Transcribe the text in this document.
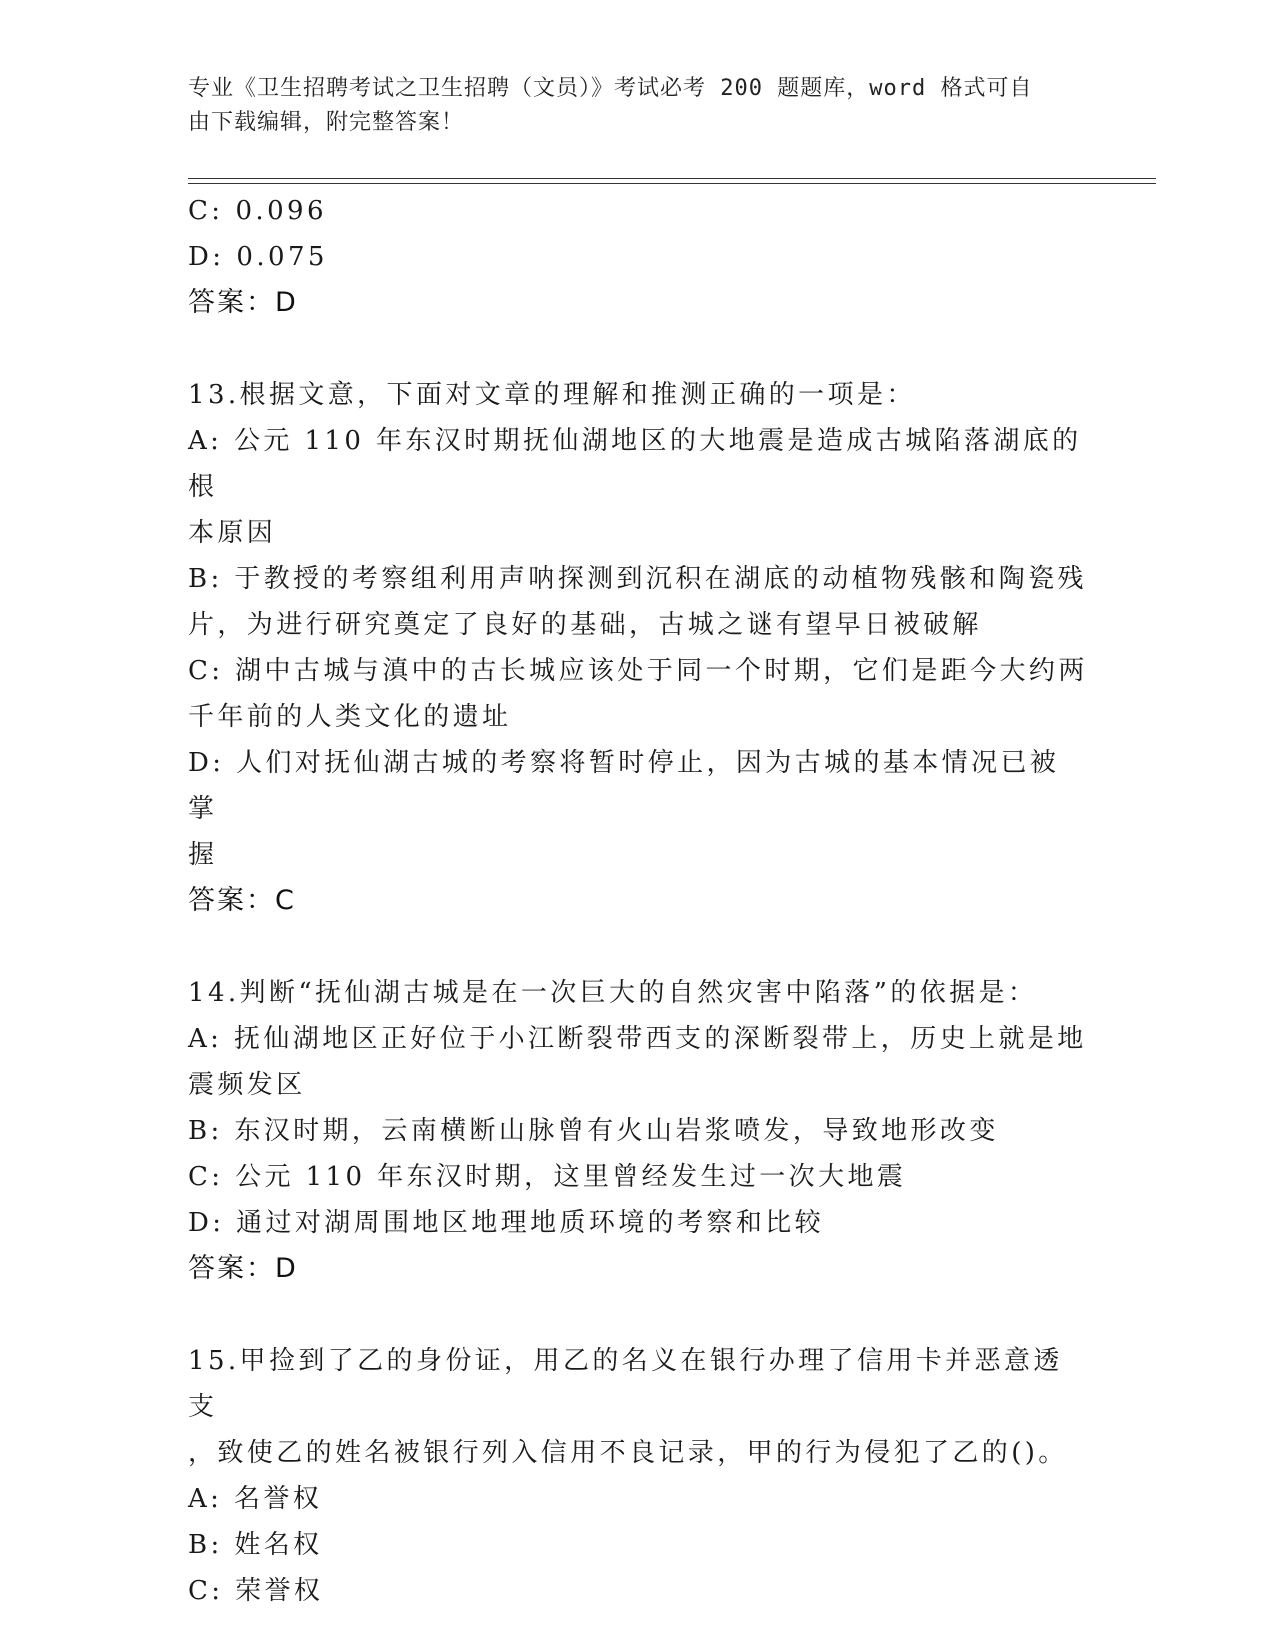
专业《卫生招聘考试之卫生招聘（文员）》考试必考 200 题题库，word 格式可自
由下载编辑，附完整答案！

C: 0.096

D: 0.075

答案：D

13.根据文意，下面对文章的理解和推测正确的一项是：

A: 公元 110 年东汉时期抚仙湖地区的大地震是造成古城陷落湖底的根

本原因

B: 于教授的考察组利用声呐探测到沉积在湖底的动植物残骸和陶瓷残

片，为进行研究奠定了良好的基础，古城之谜有望早日被破解

C: 湖中古城与滇中的古长城应该处于同一个时期，它们是距今大约两

千年前的人类文化的遗址

D: 人们对抚仙湖古城的考察将暂时停止，因为古城的基本情况已被掌

握

答案：C

14.判断“抚仙湖古城是在一次巨大的自然灾害中陷落”的依据是：

A: 抚仙湖地区正好位于小江断裂带西支的深断裂带上，历史上就是地

震频发区

B: 东汉时期，云南横断山脉曾有火山岩浆喷发，导致地形改变

C: 公元 110 年东汉时期，这里曾经发生过一次大地震

D: 通过对湖周围地区地理地质环境的考察和比较

答案：D

15.甲捡到了乙的身份证，用乙的名义在银行办理了信用卡并恶意透支

，致使乙的姓名被银行列入信用不良记录，甲的行为侵犯了乙的()。

A: 名誉权

B: 姓名权

C: 荣誉权
